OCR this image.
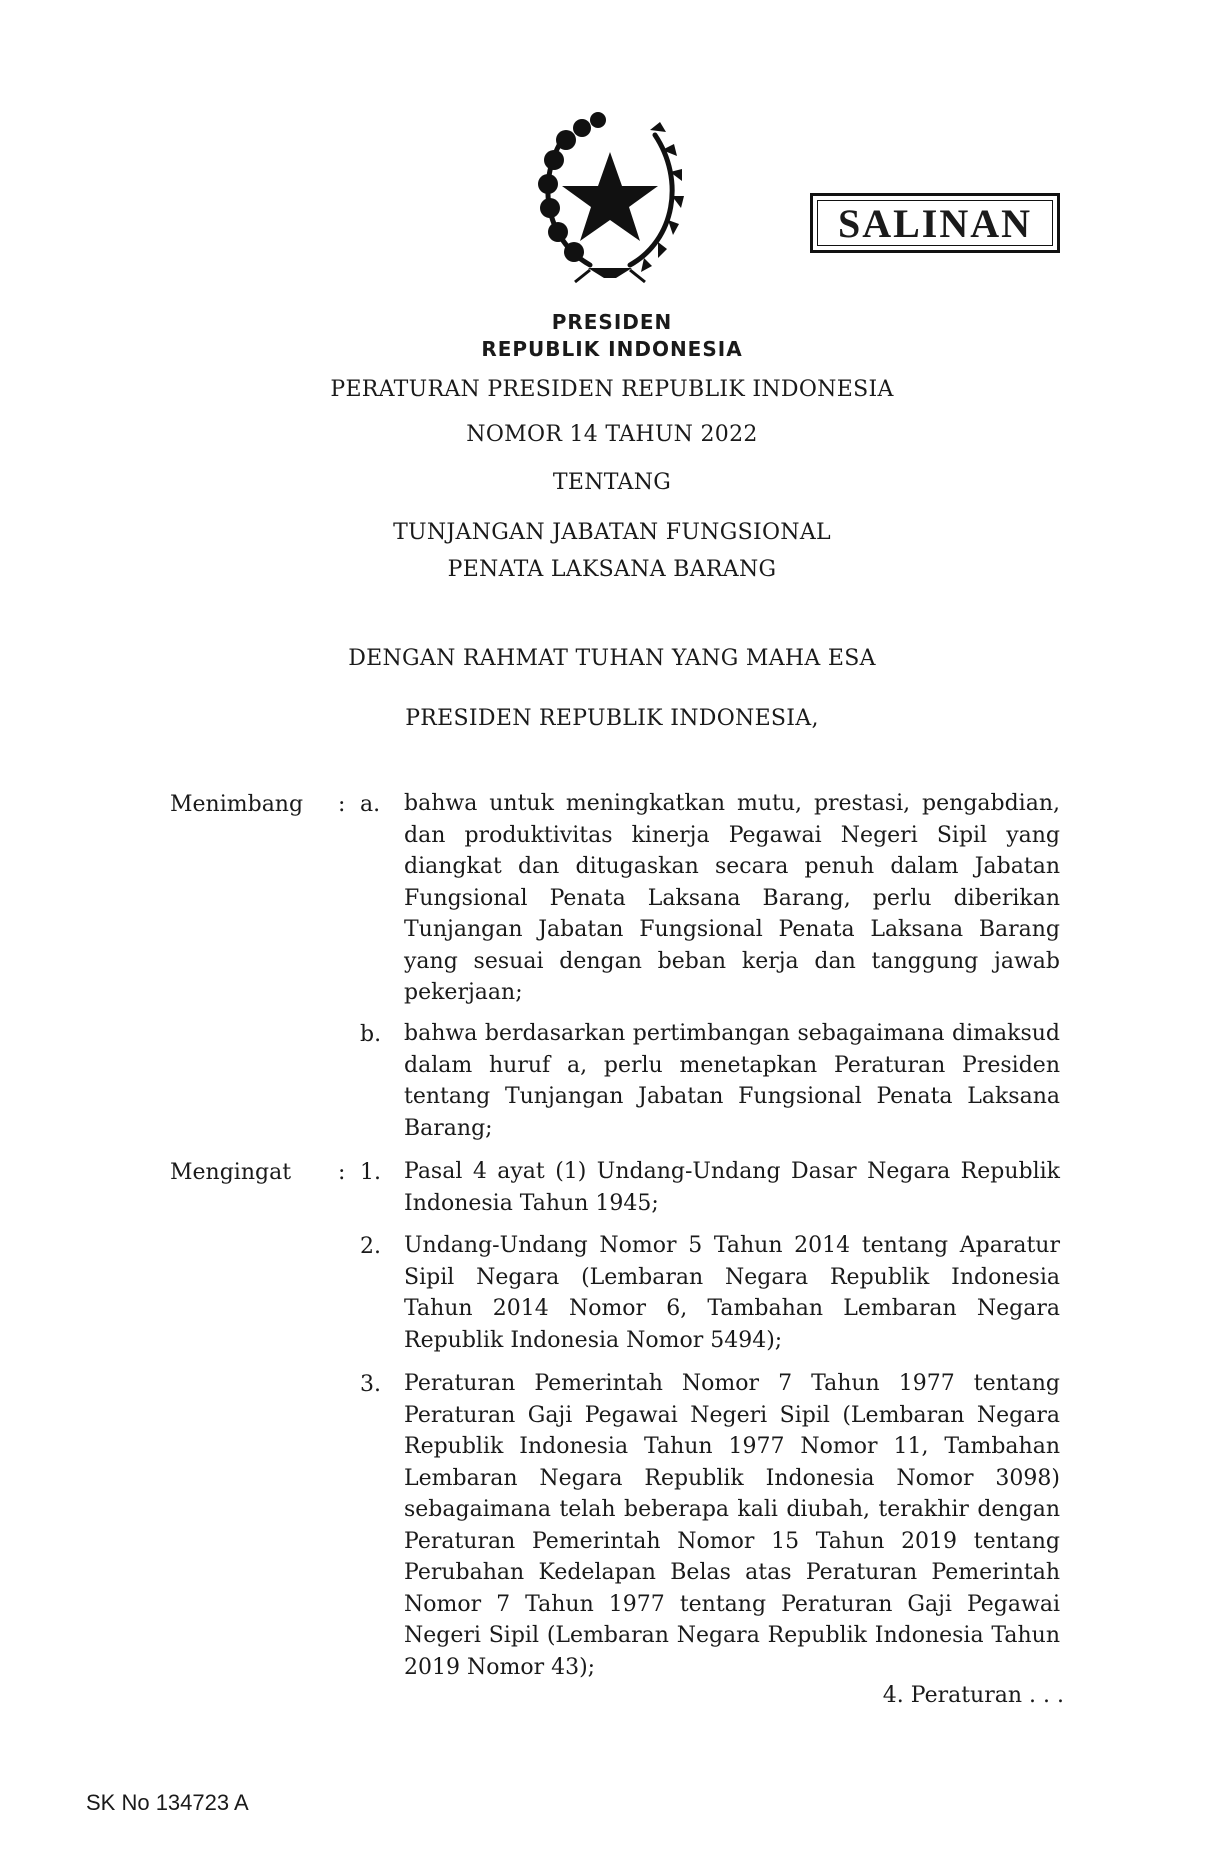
SALINAN
PRESIDEN
REPUBLIK INDONESIA
PERATURAN PRESIDEN REPUBLIK INDONESIA
NOMOR 14 TAHUN 2022
TENTANG
TUNJANGAN JABATAN FUNGSIONAL
PENATA LAKSANA BARANG
DENGAN RAHMAT TUHAN YANG MAHA ESA
PRESIDEN REPUBLIK INDONESIA,
Menimbang : a. bahwa untuk meningkatkan mutu, prestasi, pengabdian, dan produktivitas kinerja Pegawai Negeri Sipil yang diangkat dan ditugaskan secara penuh dalam Jabatan Fungsional Penata Laksana Barang, perlu diberikan Tunjangan Jabatan Fungsional Penata Laksana Barang yang sesuai dengan beban kerja dan tanggung jawab pekerjaan;
b. bahwa berdasarkan pertimbangan sebagaimana dimaksud dalam huruf a, perlu menetapkan Peraturan Presiden tentang Tunjangan Jabatan Fungsional Penata Laksana Barang;
Mengingat : 1. Pasal 4 ayat (1) Undang-Undang Dasar Negara Republik Indonesia Tahun 1945;
2. Undang-Undang Nomor 5 Tahun 2014 tentang Aparatur Sipil Negara (Lembaran Negara Republik Indonesia Tahun 2014 Nomor 6, Tambahan Lembaran Negara Republik Indonesia Nomor 5494);
3. Peraturan Pemerintah Nomor 7 Tahun 1977 tentang Peraturan Gaji Pegawai Negeri Sipil (Lembaran Negara Republik Indonesia Tahun 1977 Nomor 11, Tambahan Lembaran Negara Republik Indonesia Nomor 3098) sebagaimana telah beberapa kali diubah, terakhir dengan Peraturan Pemerintah Nomor 15 Tahun 2019 tentang Perubahan Kedelapan Belas atas Peraturan Pemerintah Nomor 7 Tahun 1977 tentang Peraturan Gaji Pegawai Negeri Sipil (Lembaran Negara Republik Indonesia Tahun 2019 Nomor 43);
4. Peraturan . . .
SK No 134723 A
